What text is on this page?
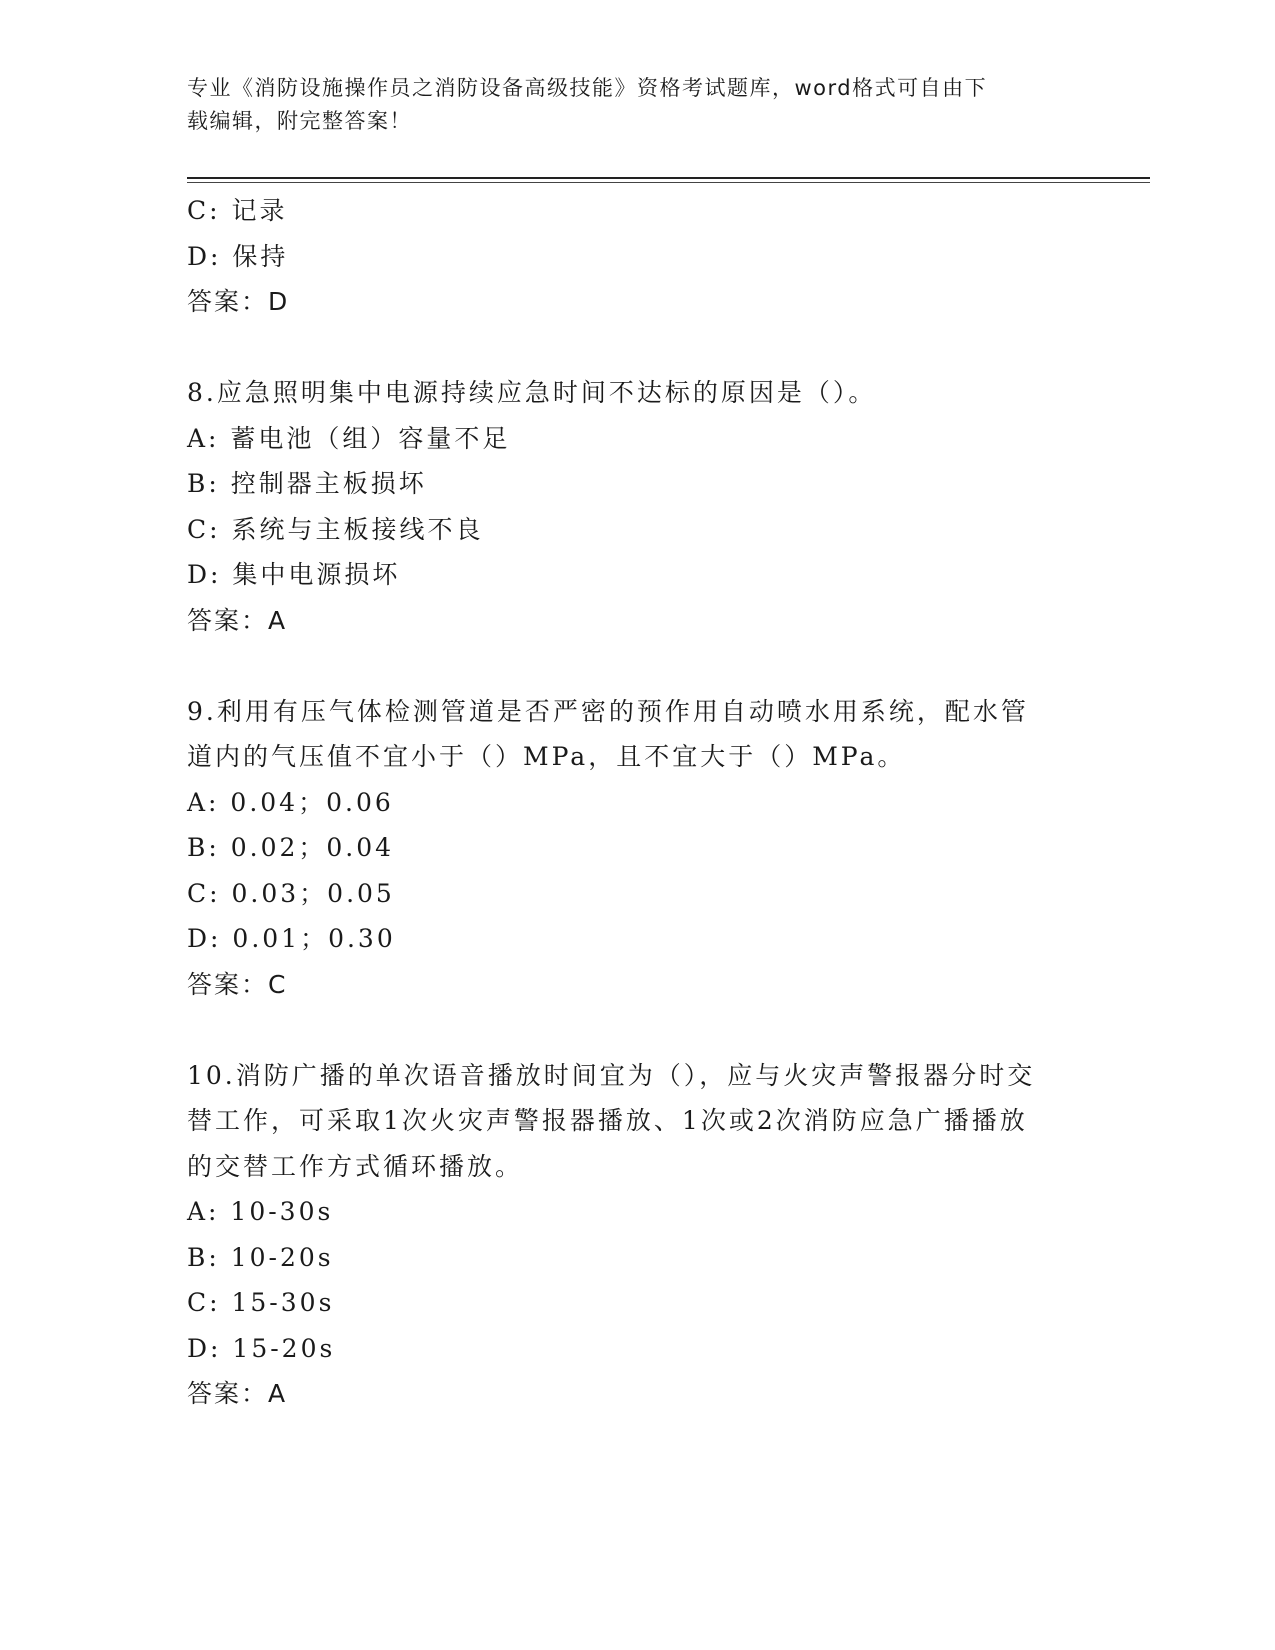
专业《消防设施操作员之消防设备高级技能》资格考试题库，word格式可自由下
载编辑，附完整答案！
C: 记录
D: 保持
答案：D
8.应急照明集中电源持续应急时间不达标的原因是（）。
A: 蓄电池（组）容量不足
B: 控制器主板损坏
C: 系统与主板接线不良
D: 集中电源损坏
答案：A
9.利用有压气体检测管道是否严密的预作用自动喷水用系统，配水管
道内的气压值不宜小于（）MPa，且不宜大于（）MPa。
A: 0.04；0.06
B: 0.02；0.04
C: 0.03；0.05
D: 0.01；0.30
答案：C
10.消防广播的单次语音播放时间宜为（），应与火灾声警报器分时交
替工作，可采取1次火灾声警报器播放、1次或2次消防应急广播播放
的交替工作方式循环播放。
A: 10-30s
B: 10-20s
C: 15-30s
D: 15-20s
答案：A
